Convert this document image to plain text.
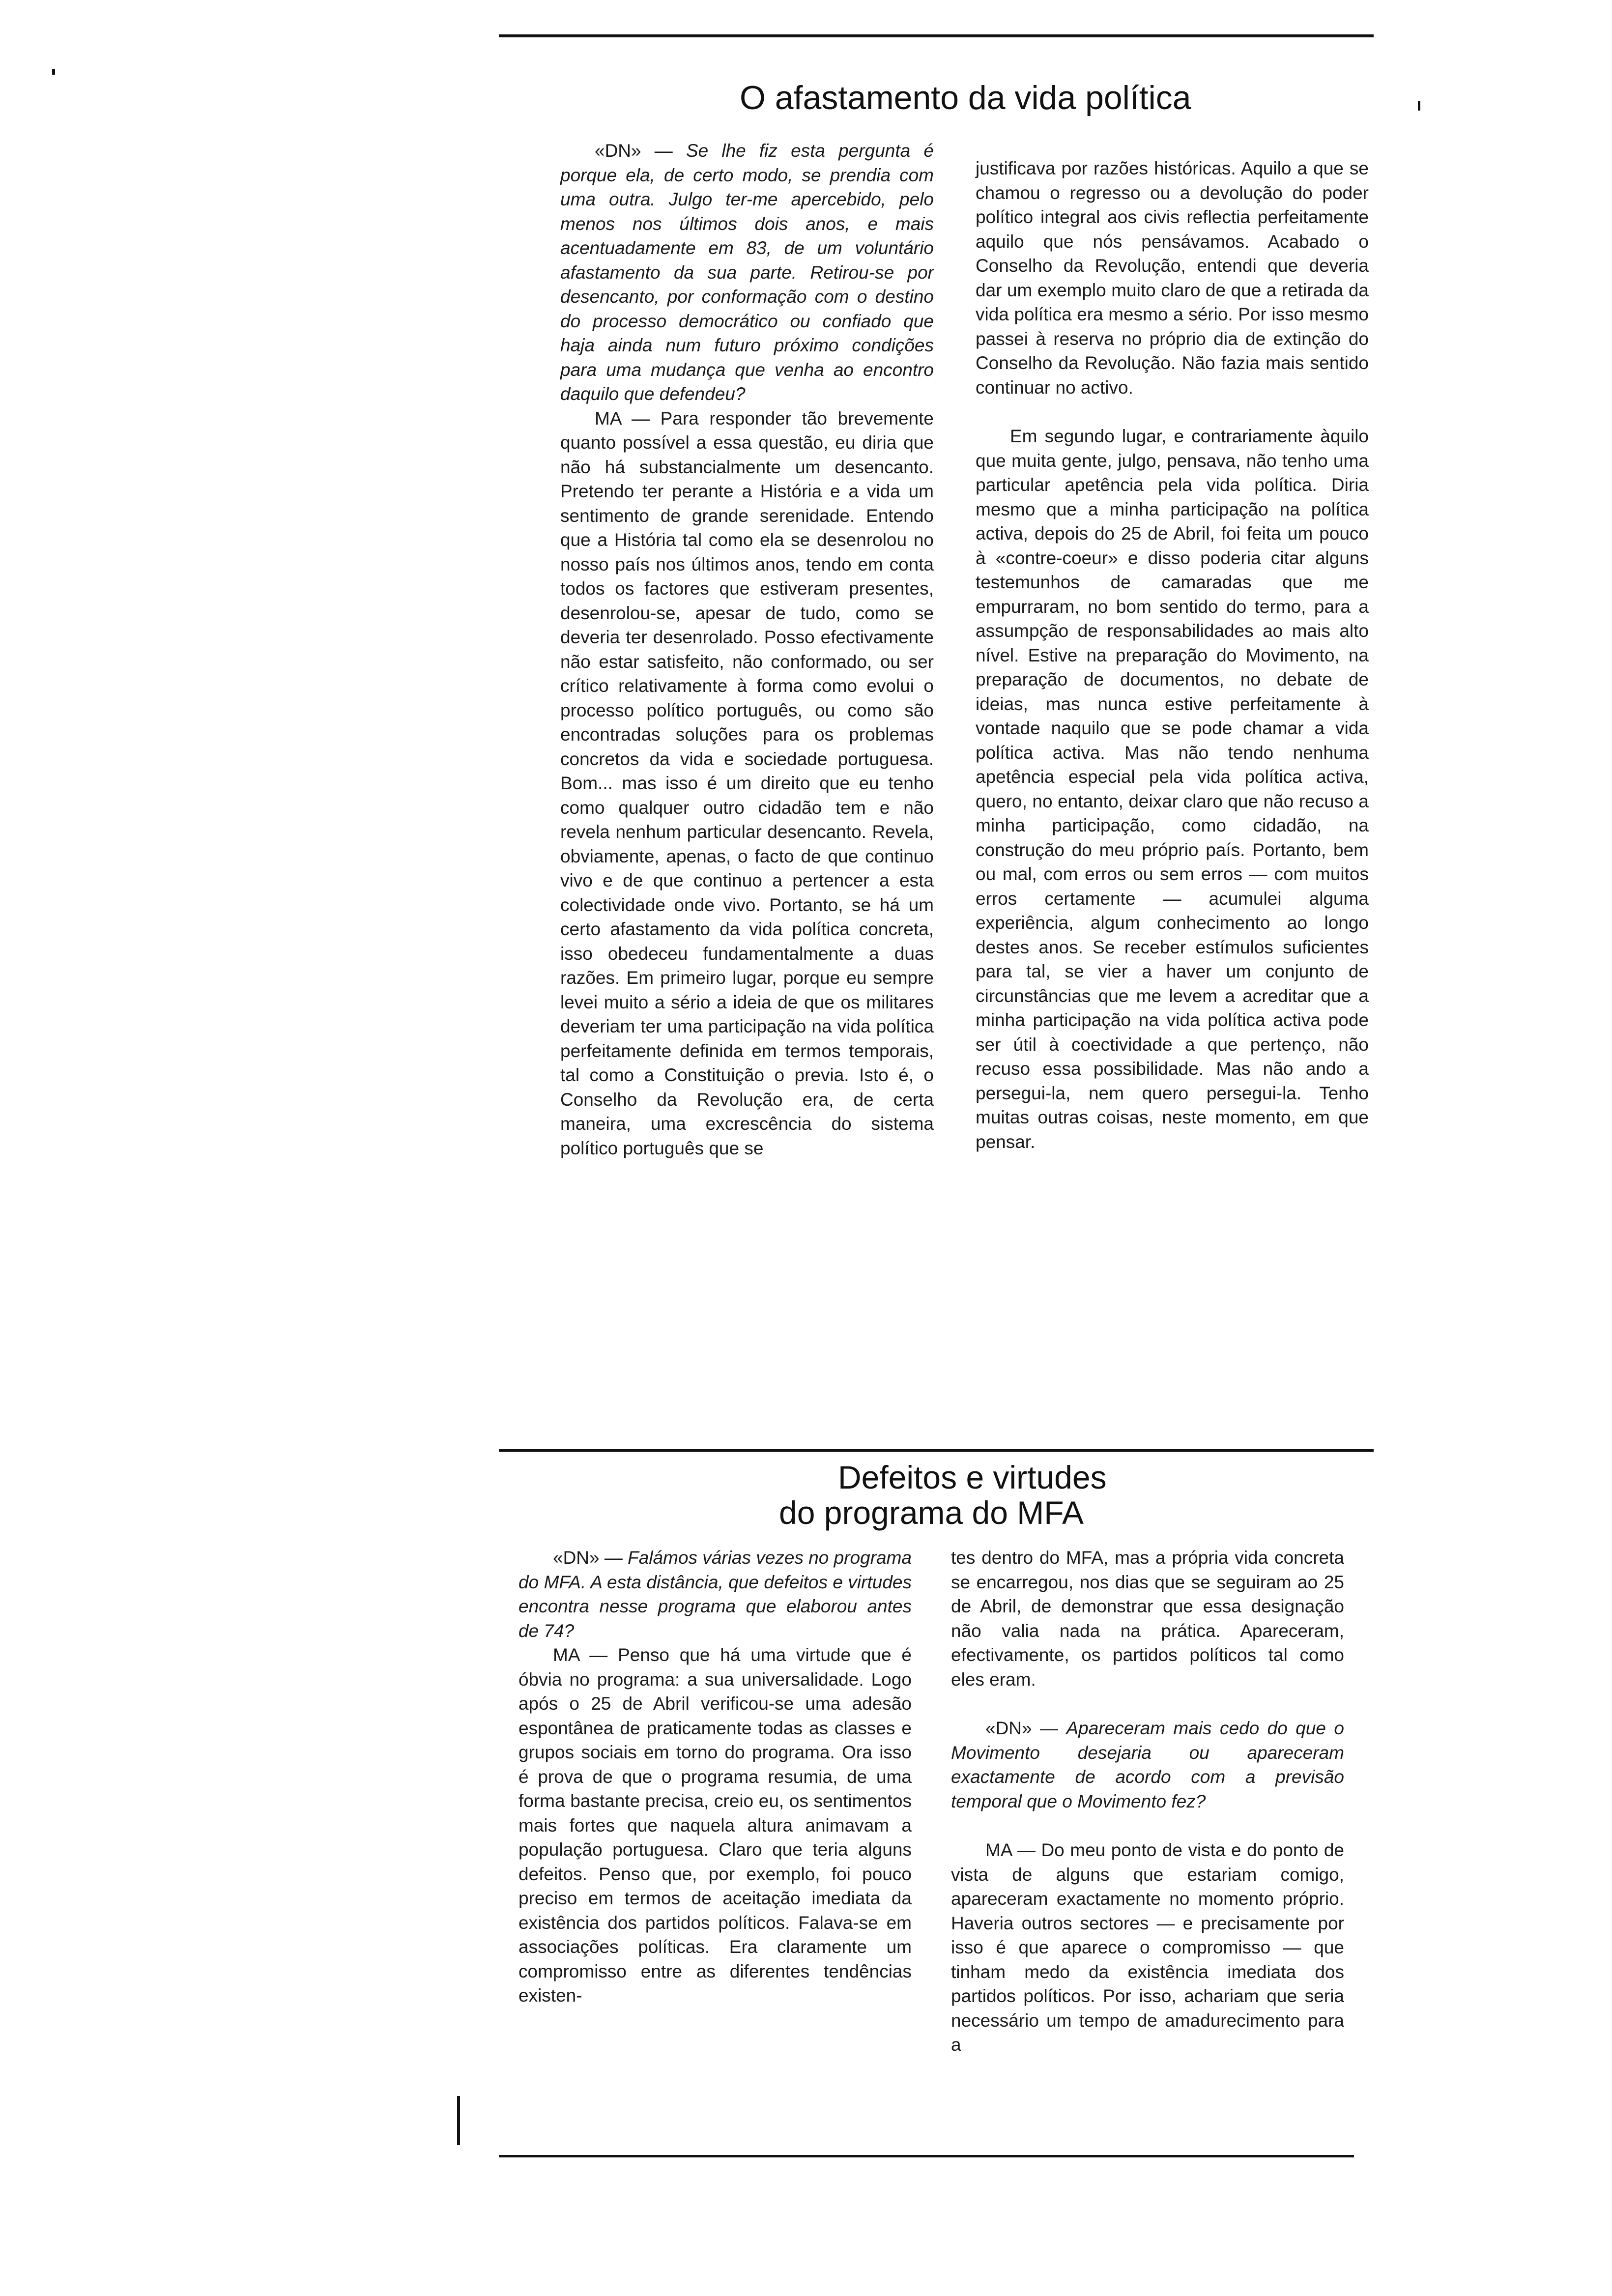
O afastamento da vida política

«DN» — Se lhe fiz esta pergunta é porque ela, de certo modo, se prendia com uma outra. Julgo ter-me apercebido, pelo menos nos últimos dois anos, e mais acentuadamente em 83, de um voluntário afastamento da sua parte. Retirou-se por desencanto, por conformação com o destino do processo democrático ou confiado que haja ainda num futuro próximo condições para uma mudança que venha ao encontro daquilo que defendeu?

MA — Para responder tão brevemente quanto possível a essa questão, eu diria que não há substancialmente um desencanto. Pretendo ter perante a História e a vida um sentimento de grande serenidade. Entendo que a História tal como ela se desenrolou no nosso país nos últimos anos, tendo em conta todos os factores que estiveram presentes, desenrolou-se, apesar de tudo, como se deveria ter desenrolado. Posso efectivamente não estar satisfeito, não conformado, ou ser crítico relativamente à forma como evolui o processo político português, ou como são encontradas soluções para os problemas concretos da vida e sociedade portuguesa. Bom... mas isso é um direito que eu tenho como qualquer outro cidadão tem e não revela nenhum particular desencanto. Revela, obviamente, apenas, o facto de que continuo vivo e de que continuo a pertencer a esta colectividade onde vivo. Portanto, se há um certo afastamento da vida política concreta, isso obedeceu fundamentalmente a duas razões. Em primeiro lugar, porque eu sempre levei muito a sério a ideia de que os militares deveriam ter uma participação na vida política perfeitamente definida em termos temporais, tal como a Constituição o previa. Isto é, o Conselho da Revolução era, de certa maneira, uma excrescência do sistema político português que se

justificava por razões históricas. Aquilo a que se chamou o regresso ou a devolução do poder político integral aos civis reflectia perfeitamente aquilo que nós pensávamos. Acabado o Conselho da Revolução, entendi que deveria dar um exemplo muito claro de que a retirada da vida política era mesmo a sério. Por isso mesmo passei à reserva no próprio dia de extinção do Conselho da Revolução. Não fazia mais sentido continuar no activo.

Em segundo lugar, e contrariamente àquilo que muita gente, julgo, pensava, não tenho uma particular apetência pela vida política. Diria mesmo que a minha participação na política activa, depois do 25 de Abril, foi feita um pouco à «contre-coeur» e disso poderia citar alguns testemunhos de camaradas que me empurraram, no bom sentido do termo, para a assumpção de responsabilidades ao mais alto nível. Estive na preparação do Movimento, na preparação de documentos, no debate de ideias, mas nunca estive perfeitamente à vontade naquilo que se pode chamar a vida política activa. Mas não tendo nenhuma apetência especial pela vida política activa, quero, no entanto, deixar claro que não recuso a minha participação, como cidadão, na construção do meu próprio país. Portanto, bem ou mal, com erros ou sem erros — com muitos erros certamente — acumulei alguma experiência, algum conhecimento ao longo destes anos. Se receber estímulos suficientes para tal, se vier a haver um conjunto de circunstâncias que me levem a acreditar que a minha participação na vida política activa pode ser útil à coectividade a que pertenço, não recuso essa possibilidade. Mas não ando a persegui-la, nem quero persegui-la. Tenho muitas outras coisas, neste momento, em que pensar.

Defeitos e virtudes
do programa do MFA

«DN» — Falámos várias vezes no programa do MFA. A esta distância, que defeitos e virtudes encontra nesse programa que elaborou antes de 74?

MA — Penso que há uma virtude que é óbvia no programa: a sua universalidade. Logo após o 25 de Abril verificou-se uma adesão espontânea de praticamente todas as classes e grupos sociais em torno do programa. Ora isso é prova de que o programa resumia, de uma forma bastante precisa, creio eu, os sentimentos mais fortes que naquela altura animavam a população portuguesa. Claro que teria alguns defeitos. Penso que, por exemplo, foi pouco preciso em termos de aceitação imediata da existência dos partidos políticos. Falava-se em associações políticas. Era claramente um compromisso entre as diferentes tendências existen-

tes dentro do MFA, mas a própria vida concreta se encarregou, nos dias que se seguiram ao 25 de Abril, de demonstrar que essa designação não valia nada na prática. Apareceram, efectivamente, os partidos políticos tal como eles eram.

«DN» — Apareceram mais cedo do que o Movimento desejaria ou apareceram exactamente de acordo com a previsão temporal que o Movimento fez?

MA — Do meu ponto de vista e do ponto de vista de alguns que estariam comigo, apareceram exactamente no momento próprio. Haveria outros sectores — e precisamente por isso é que aparece o compromisso — que tinham medo da existência imediata dos partidos políticos. Por isso, achariam que seria necessário um tempo de amadurecimento para a
